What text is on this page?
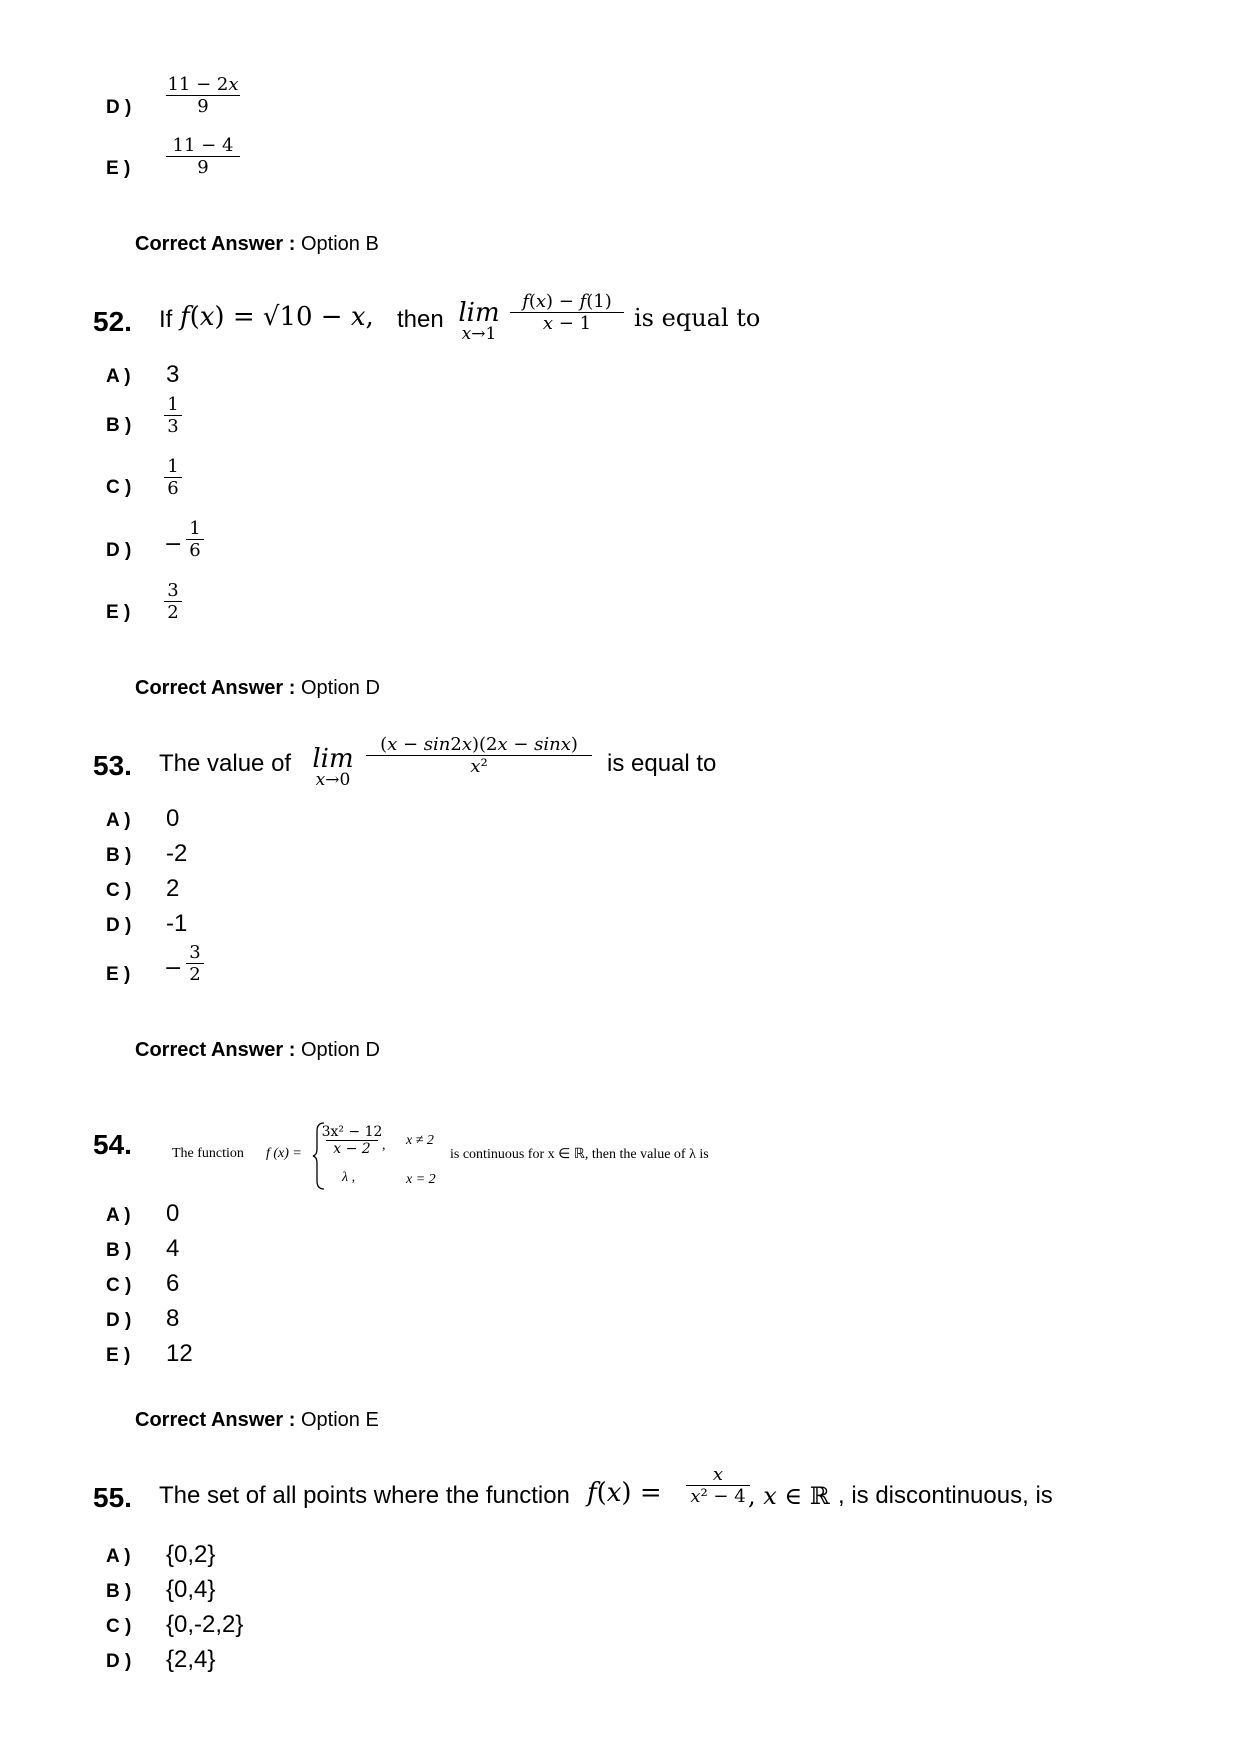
D )
11 − 2𝑥
9
E )
11 − 4
9
Correct Answer : Option B
52. If 𝑓(𝑥) = √10 − 𝑥, then 𝑙𝑖𝑚
𝑥→1
𝑓(𝑥) − 𝑓(1)
𝑥 − 1 is equal to
A ) 3
B )
1
3
C )
1
6
D ) −
1
6
E )
3
2
Correct Answer : Option D
53. The value of 𝑙𝑖𝑚
𝑥→0
(𝑥 − 𝑠𝑖𝑛2𝑥)(2𝑥 − 𝑠𝑖𝑛𝑥)
𝑥²	is equal to
A ) 0
B ) -2
C ) 2
D ) -1
E ) −
3
2
Correct Answer : Option D
54.	The function f (x) =
3x² − 12
x − 2 , x ≠ 2
λ ,	x = 2
is continuous for x ∈ ℝ, then the value of λ is
A ) 0
B ) 4
C ) 6
D ) 8
E ) 12
Correct Answer : Option E
55. The set of all points where the function 𝑓(𝑥) =
𝑥
𝑥² − 4 , 𝑥 ∈ ℝ , is discontinuous, is
A ) {0,2}
B ) {0,4}
C ) {0,-2,2}
D ) {2,4}
